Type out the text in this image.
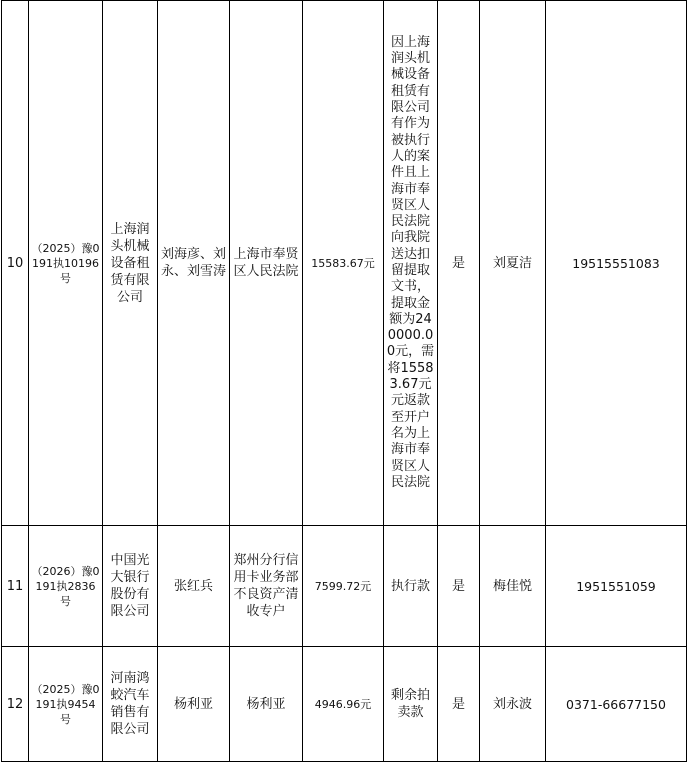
10	（2025）豫0191执10196号	上海润头机械设备租赁有限公司	刘海彦、刘永、刘雪涛	上海市奉贤区人民法院	15583.67元	因上海润头机械设备租赁有限公司有作为被执行人的案件且上海市奉贤区人民法院向我院送达扣留提取文书，提取金额为240000.00元，需将15583.67元元返款至开户名为上海市奉贤区人民法院	是	刘夏洁	19515551083
11	（2026）豫0191执2836号	中国光大银行股份有限公司	张红兵	郑州分行信用卡业务部不良资产清收专户	7599.72元	执行款	是	梅佳悦	1951551059
12	（2025）豫0191执9454号	河南鸿蛟汽车销售有限公司	杨利亚	杨利亚	4946.96元	剩余拍卖款	是	刘永波	0371-66677150
